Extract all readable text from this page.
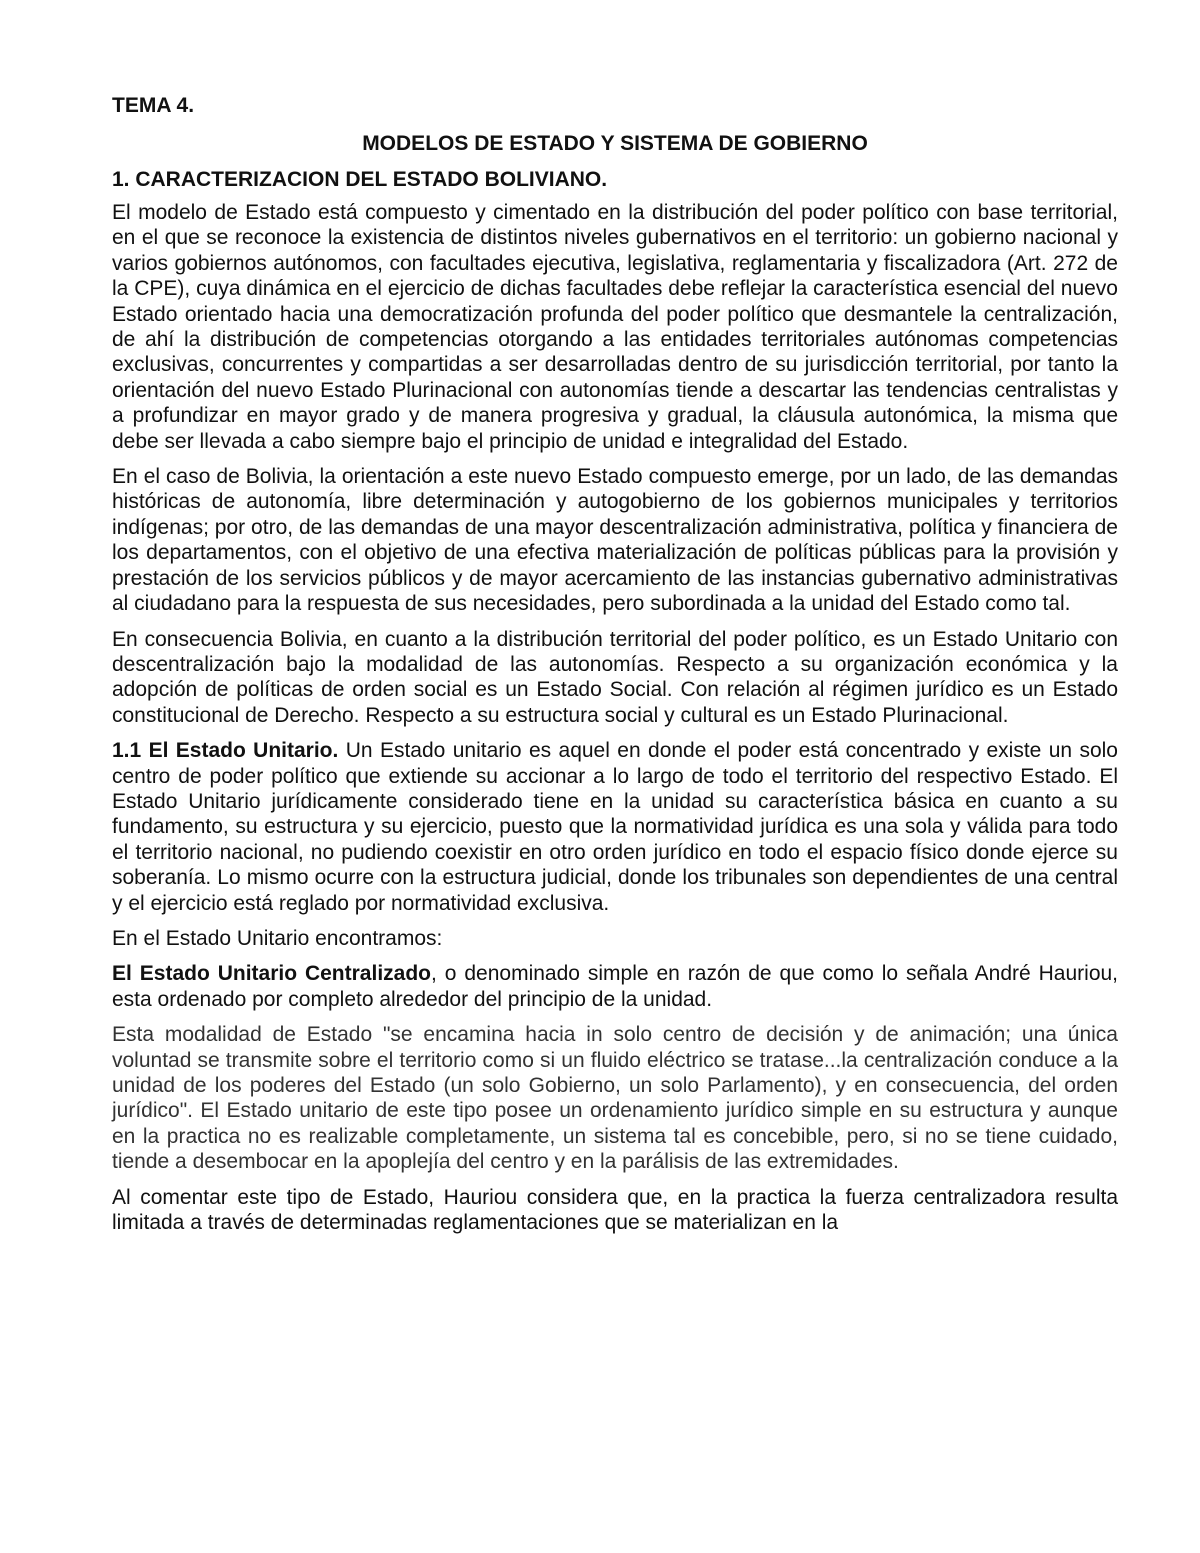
TEMA 4.
MODELOS DE ESTADO Y SISTEMA DE GOBIERNO
1. CARACTERIZACION DEL ESTADO BOLIVIANO.

El modelo de Estado está compuesto y cimentado en la distribución del poder político con base territorial, en el que se reconoce la existencia de distintos niveles gubernativos en el territorio: un gobierno nacional y varios gobiernos autónomos, con facultades ejecutiva, legislativa, reglamentaria y fiscalizadora (Art. 272 de la CPE), cuya dinámica en el ejercicio de dichas facultades debe reflejar la característica esencial del nuevo Estado orientado hacia una democratización profunda del poder político que desmantele la centralización, de ahí la distribución de competencias otorgando a las entidades territoriales autónomas competencias exclusivas, concurrentes y compartidas a ser desarrolladas dentro de su jurisdicción territorial, por tanto la orientación del nuevo Estado Plurinacional con autonomías tiende a descartar las tendencias centralistas y a profundizar en mayor grado y de manera progresiva y gradual, la cláusula autonómica, la misma que debe ser llevada a cabo siempre bajo el principio de unidad e integralidad del Estado.

En el caso de Bolivia, la orientación a este nuevo Estado compuesto emerge, por un lado, de las demandas históricas de autonomía, libre determinación y autogobierno de los gobiernos municipales y territorios indígenas; por otro, de las demandas de una mayor descentralización administrativa, política y financiera de los departamentos, con el objetivo de una efectiva materialización de políticas públicas para la provisión y prestación de los servicios públicos y de mayor acercamiento de las instancias gubernativo administrativas al ciudadano para la respuesta de sus necesidades, pero subordinada a la unidad del Estado como tal.

En consecuencia Bolivia, en cuanto a la distribución territorial del poder político, es un Estado Unitario con descentralización bajo la modalidad de las autonomías. Respecto a su organización económica y la adopción de políticas de orden social es un Estado Social. Con relación al régimen jurídico es un Estado constitucional de Derecho. Respecto a su estructura social y cultural es un Estado Plurinacional.

1.1 El Estado Unitario. Un Estado unitario es aquel en donde el poder está concentrado y existe un solo centro de poder político que extiende su accionar a lo largo de todo el territorio del respectivo Estado. El Estado Unitario jurídicamente considerado tiene en la unidad su característica básica en cuanto a su fundamento, su estructura y su ejercicio, puesto que la normatividad jurídica es una sola y válida para todo el territorio nacional, no pudiendo coexistir en otro orden jurídico en todo el espacio físico donde ejerce su soberanía. Lo mismo ocurre con la estructura judicial, donde los tribunales son dependientes de una central y el ejercicio está reglado por normatividad exclusiva.

En el Estado Unitario encontramos:

El Estado Unitario Centralizado, o denominado simple en razón de que como lo señala André Hauriou, esta ordenado por completo alrededor del principio de la unidad.

Esta modalidad de Estado "se encamina hacia in solo centro de decisión y de animación; una única voluntad se transmite sobre el territorio como si un fluido eléctrico se tratase...la centralización conduce a la unidad de los poderes del Estado (un solo Gobierno, un solo Parlamento), y en consecuencia, del orden jurídico". El Estado unitario de este tipo posee un ordenamiento jurídico simple en su estructura y aunque en la practica no es realizable completamente, un sistema tal es concebible, pero, si no se tiene cuidado, tiende a desembocar en la apoplejía del centro y en la parálisis de las extremidades.

Al comentar este tipo de Estado, Hauriou considera que, en la practica la fuerza centralizadora resulta limitada a través de determinadas reglamentaciones que se materializan en la
